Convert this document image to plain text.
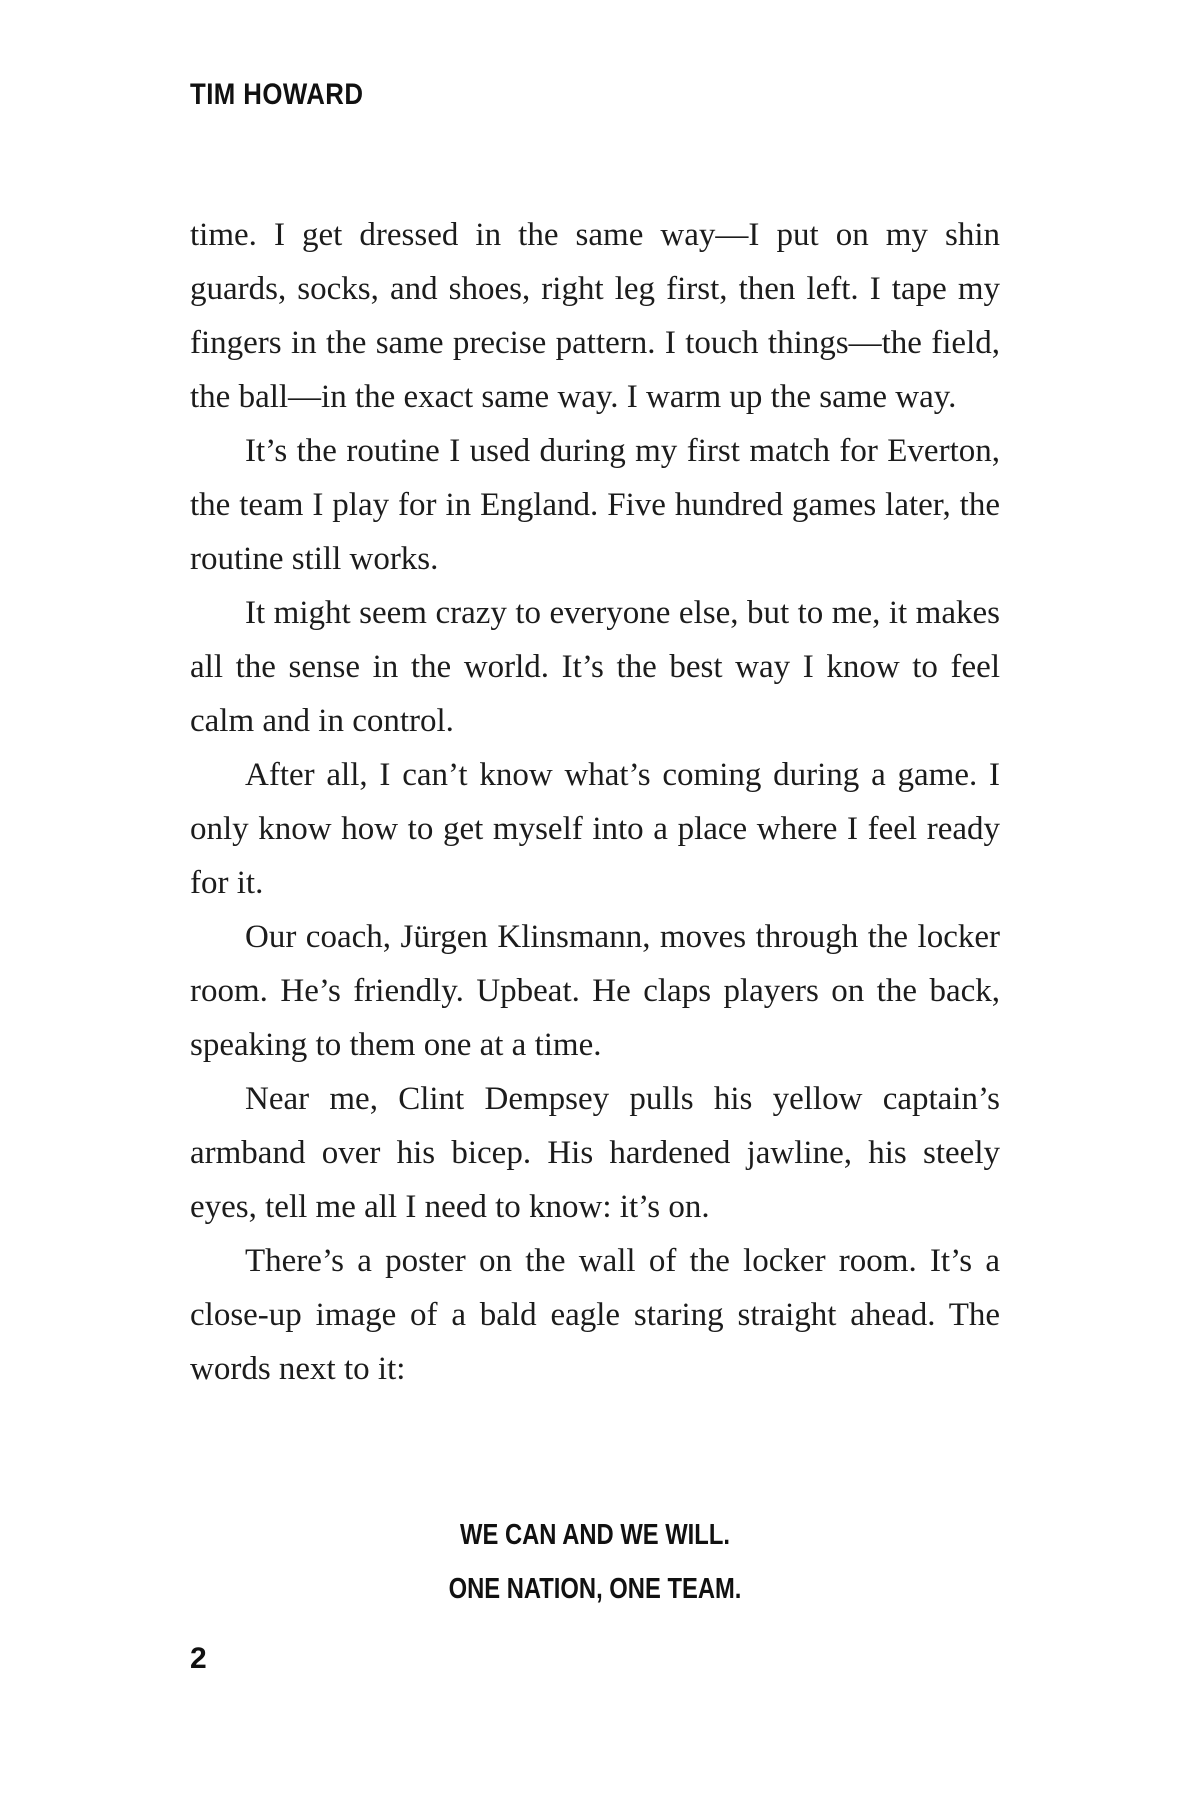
TIM HOWARD

time. I get dressed in the same way—I put on my shin guards, socks, and shoes, right leg first, then left. I tape my fingers in the same precise pattern. I touch things—the field, the ball—in the exact same way. I warm up the same way.

It’s the routine I used during my first match for Everton, the team I play for in England. Five hundred games later, the routine still works.

It might seem crazy to everyone else, but to me, it makes all the sense in the world. It’s the best way I know to feel calm and in control.

After all, I can’t know what’s coming during a game. I only know how to get myself into a place where I feel ready for it.

Our coach, Jürgen Klinsmann, moves through the locker room. He’s friendly. Upbeat. He claps players on the back, speaking to them one at a time.

Near me, Clint Dempsey pulls his yellow captain’s armband over his bicep. His hardened jawline, his steely eyes, tell me all I need to know: it’s on.

There’s a poster on the wall of the locker room. It’s a close-up image of a bald eagle staring straight ahead. The words next to it:

WE CAN AND WE WILL.
ONE NATION, ONE TEAM.
2
